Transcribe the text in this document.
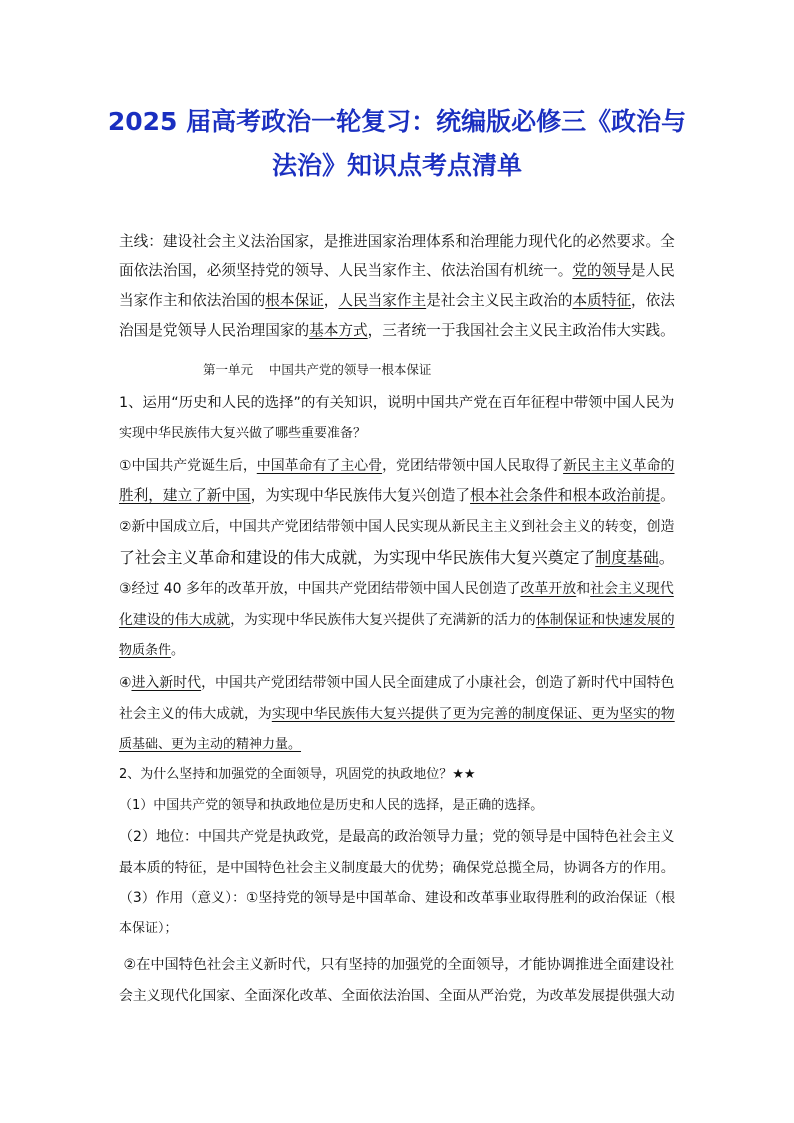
2025 届高考政治一轮复习：统编版必修三《政治与
法治》知识点考点清单
主线：建设社会主义法治国家，是推进国家治理体系和治理能力现代化的必然要求。全
面依法治国，必须坚持党的领导、人民当家作主、依法治国有机统一。党的领导是人民
当家作主和依法治国的根本保证，人民当家作主是社会主义民主政治的本质特征，依法
治国是党领导人民治理国家的基本方式，三者统一于我国社会主义民主政治伟大实践。
第一单元    中国共产党的领导一根本保证
1、运用“历史和人民的选择”的有关知识，说明中国共产党在百年征程中带领中国人民为
实现中华民族伟大复兴做了哪些重要准备？
①中国共产党诞生后，中国革命有了主心骨，党团结带领中国人民取得了新民主主义革命的
胜利，建立了新中国，为实现中华民族伟大复兴创造了根本社会条件和根本政治前提。
②新中国成立后，中国共产党团结带领中国人民实现从新民主主义到社会主义的转变，创造
了社会主义革命和建设的伟大成就，为实现中华民族伟大复兴奠定了制度基础。
③经过 40 多年的改革开放，中国共产党团结带领中国人民创造了改革开放和社会主义现代
化建设的伟大成就，为实现中华民族伟大复兴提供了充满新的活力的体制保证和快速发展的
物质条件。
④进入新时代，中国共产党团结带领中国人民全面建成了小康社会，创造了新时代中国特色
社会主义的伟大成就，为实现中华民族伟大复兴提供了更为完善的制度保证、更为坚实的物
质基础、更为主动的精神力量。
2、为什么坚持和加强党的全面领导，巩固党的执政地位？★★
（1）中国共产党的领导和执政地位是历史和人民的选择，是正确的选择。
（2）地位：中国共产党是执政党，是最高的政治领导力量；党的领导是中国特色社会主义
最本质的特征，是中国特色社会主义制度最大的优势；确保党总揽全局，协调各方的作用。
（3）作用（意义）：①坚持党的领导是中国革命、建设和改革事业取得胜利的政治保证（根
本保证）；
②在中国特色社会主义新时代，只有坚持的加强党的全面领导，才能协调推进全面建设社
会主义现代化国家、全面深化改革、全面依法治国、全面从严治党，为改革发展提供强大动
